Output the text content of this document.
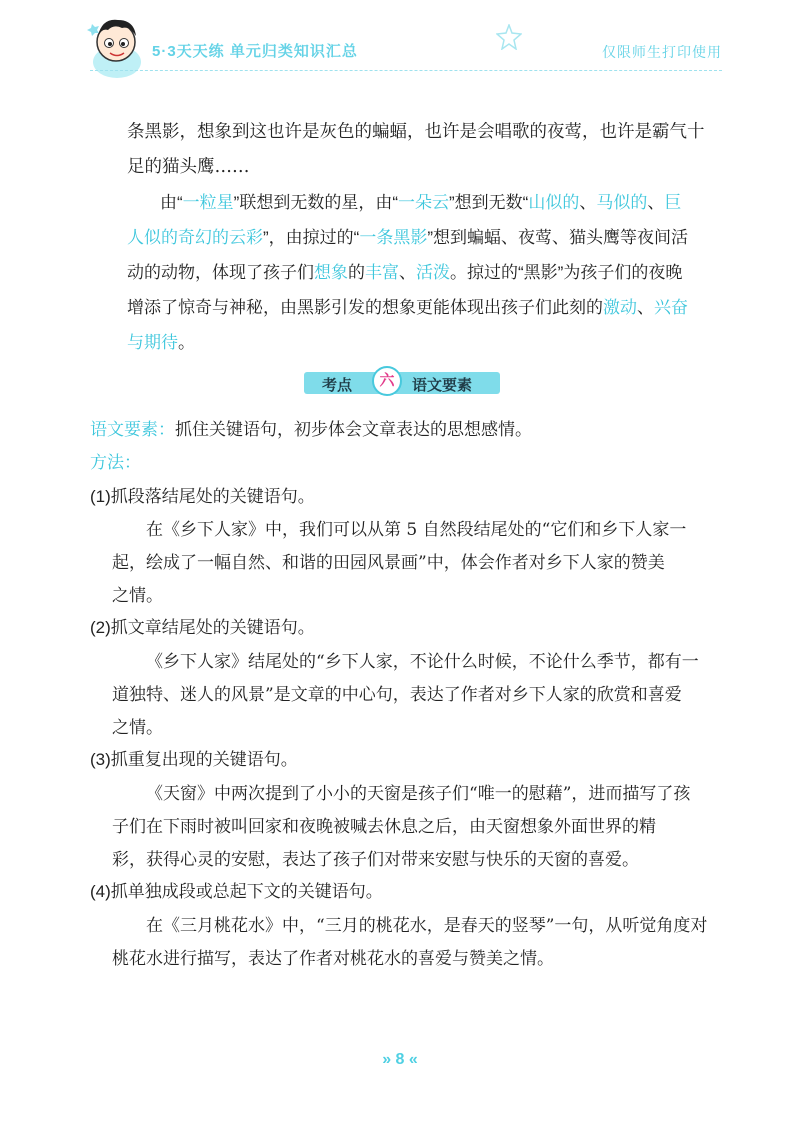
5·3天天练 单元归类知识汇总	仅限师生打印使用
条黑影，想象到这也许是灰色的蝙蝠，也许是会唱歌的夜莺，也许是霸气十
足的猫头鹰……
由“一粒星”联想到无数的星，由“一朵云”想到无数“山似的、马似的、巨
人似的奇幻的云彩”，由掠过的“一条黑影”想到蝙蝠、夜莺、猫头鹰等夜间活
动的动物，体现了孩子们想象的丰富、活泼。掠过的“黑影”为孩子们的夜晚
增添了惊奇与神秘，由黑影引发的想象更能体现出孩子们此刻的激动、兴奋
与期待。
考点	六	语文要素
语文要素：抓住关键语句，初步体会文章表达的思想感情。
方法：
(1)抓段落结尾处的关键语句。
在《乡下人家》中，我们可以从第 5 自然段结尾处的“它们和乡下人家一
起，绘成了一幅自然、和谐的田园风景画”中，体会作者对乡下人家的赞美
之情。
(2)抓文章结尾处的关键语句。
《乡下人家》结尾处的“乡下人家，不论什么时候，不论什么季节，都有一
道独特、迷人的风景”是文章的中心句，表达了作者对乡下人家的欣赏和喜爱
之情。
(3)抓重复出现的关键语句。
《天窗》中两次提到了小小的天窗是孩子们“唯一的慰藉”，进而描写了孩
子们在下雨时被叫回家和夜晚被喊去休息之后，由天窗想象外面世界的精
彩，获得心灵的安慰，表达了孩子们对带来安慰与快乐的天窗的喜爱。
(4)抓单独成段或总起下文的关键语句。
在《三月桃花水》中，“三月的桃花水，是春天的竖琴”一句，从听觉角度对
桃花水进行描写，表达了作者对桃花水的喜爱与赞美之情。
» 8 «
